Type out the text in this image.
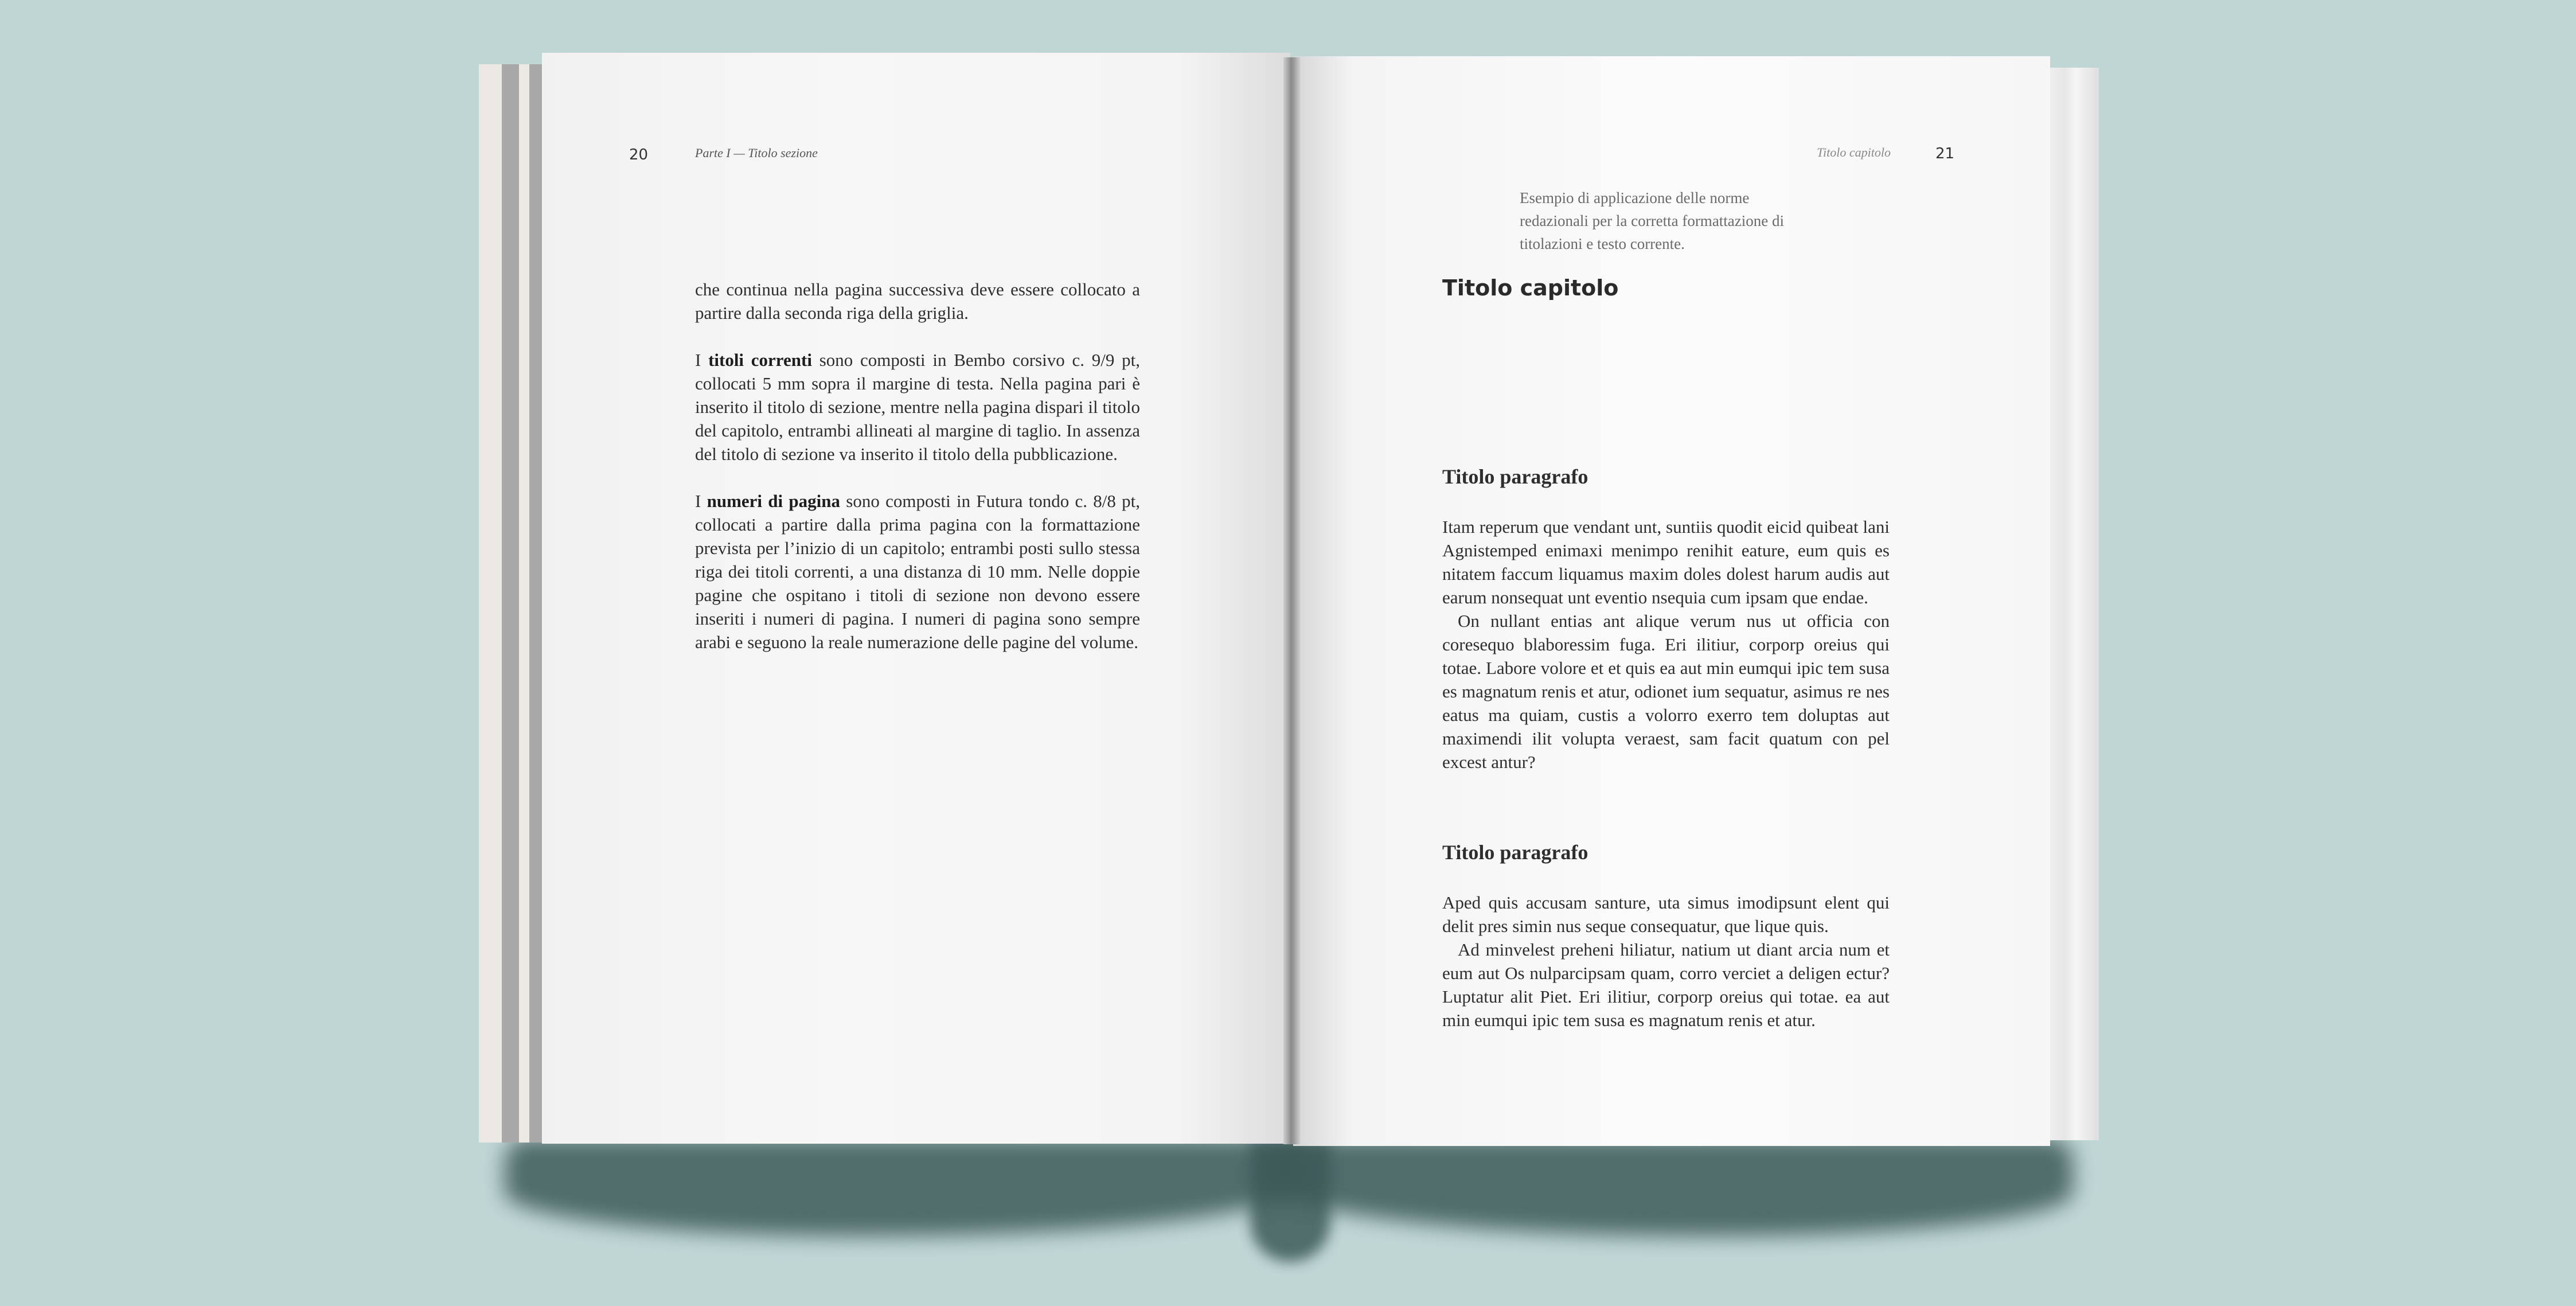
20	Parte I — Titolo sezione

che continua nella pagina successiva deve essere collocato a partire dalla seconda riga della griglia.

I titoli correnti sono composti in Bembo corsivo c. 9/9 pt, collocati 5 mm sopra il margine di testa. Nella pagina pari è inserito il titolo di sezione, mentre nella pagina dispari il titolo del capitolo, entrambi allineati al margine di taglio. In assenza del titolo di sezione va inserito il titolo della pubblicazione.

I numeri di pagina sono composti in Futura tondo c. 8/8 pt, collocati a partire dalla prima pagina con la formattazione prevista per l’inizio di un capitolo; entrambi posti sullo stessa riga dei titoli correnti, a una distanza di 10 mm. Nelle doppie pagine che ospitano i titoli di sezione non devono essere inseriti i numeri di pagina. I numeri di pagina sono sempre arabi e seguono la reale numerazione delle pagine del volume.

Titolo capitolo	21

Esempio di applicazione delle norme redazionali per la corretta formattazione di titolazioni e testo corrente.

Titolo capitolo
Titolo paragrafo

Itam reperum que vendant unt, suntiis quodit eicid quibeat lani Agnistemped enimaxi menimpo renihit eature, eum quis es nitatem faccum liquamus maxim doles dolest harum audis aut earum nonsequat unt eventio nsequia cum ipsam que endae.

On nullant entias ant alique verum nus ut officia con coresequo blaboressim fuga. Eri ilitiur, corporp oreius qui totae. Labore volore et et quis ea aut min eumqui ipic tem susa es magnatum renis et atur, odionet ium sequatur, asimus re nes eatus ma quiam, custis a volorro exerro tem doluptas aut maximendi ilit volupta veraest, sam facit quatum con pel excest antur?

Titolo paragrafo

Aped quis accusam santure, uta simus imodipsunt elent qui delit pres simin nus seque consequatur, que lique quis.

Ad minvelest preheni hiliatur, natium ut diant arcia num et eum aut Os nulparcipsam quam, corro verciet a deligen ectur? Luptatur alit Piet. Eri ilitiur, corporp oreius qui totae. ea aut min eumqui ipic tem susa es magnatum renis et atur.
